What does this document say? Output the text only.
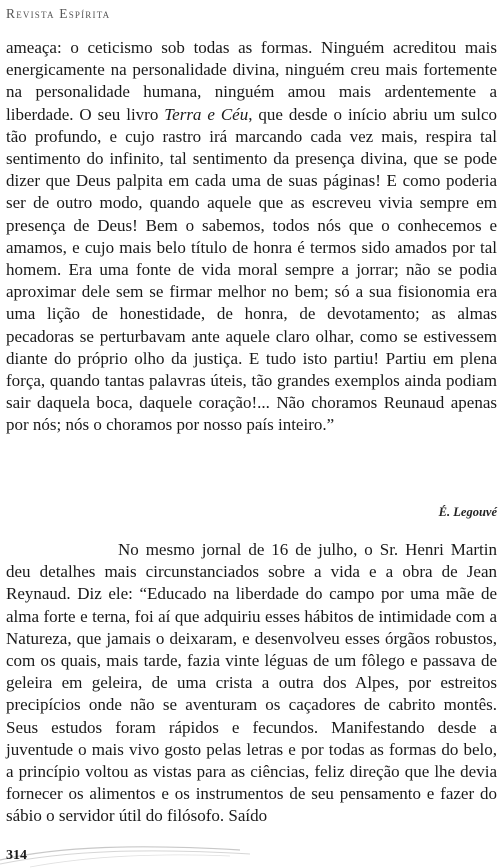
Revista Espírita

ameaça: o ceticismo sob todas as formas. Ninguém acreditou mais energicamente na personalidade divina, ninguém creu mais fortemente na personalidade humana, ninguém amou mais ardentemente a liberdade. O seu livro Terra e Céu, que desde o início abriu um sulco tão profundo, e cujo rastro irá marcando cada vez mais, respira tal sentimento do infinito, tal sentimento da presença divina, que se pode dizer que Deus palpita em cada uma de suas páginas! E como poderia ser de outro modo, quando aquele que as escreveu vivia sempre em presença de Deus! Bem o sabemos, todos nós que o conhecemos e amamos, e cujo mais belo título de honra é termos sido amados por tal homem. Era uma fonte de vida moral sempre a jorrar; não se podia aproximar dele sem se firmar melhor no bem; só a sua fisionomia era uma lição de honestidade, de honra, de devotamento; as almas pecadoras se perturbavam ante aquele claro olhar, como se estivessem diante do próprio olho da justiça. E tudo isto partiu! Partiu em plena força, quando tantas palavras úteis, tão grandes exemplos ainda podiam sair daquela boca, daquele coração!... Não choramos Reunaud apenas por nós; nós o choramos por nosso país inteiro.”

É. Legouvé

No mesmo jornal de 16 de julho, o Sr. Henri Martin deu detalhes mais circunstanciados sobre a vida e a obra de Jean Reynaud. Diz ele: “Educado na liberdade do campo por uma mãe de alma forte e terna, foi aí que adquiriu esses hábitos de intimidade com a Natureza, que jamais o deixaram, e desenvolveu esses órgãos robustos, com os quais, mais tarde, fazia vinte léguas de um fôlego e passava de geleira em geleira, de uma crista a outra dos Alpes, por estreitos precipícios onde não se aventuram os caçadores de cabrito montês. Seus estudos foram rápidos e fecundos. Manifestando desde a juventude o mais vivo gosto pelas letras e por todas as formas do belo, a princípio voltou as vistas para as ciências, feliz direção que lhe devia fornecer os alimentos e os instrumentos de seu pensamento e fazer do sábio o servidor útil do filósofo. Saído

314
